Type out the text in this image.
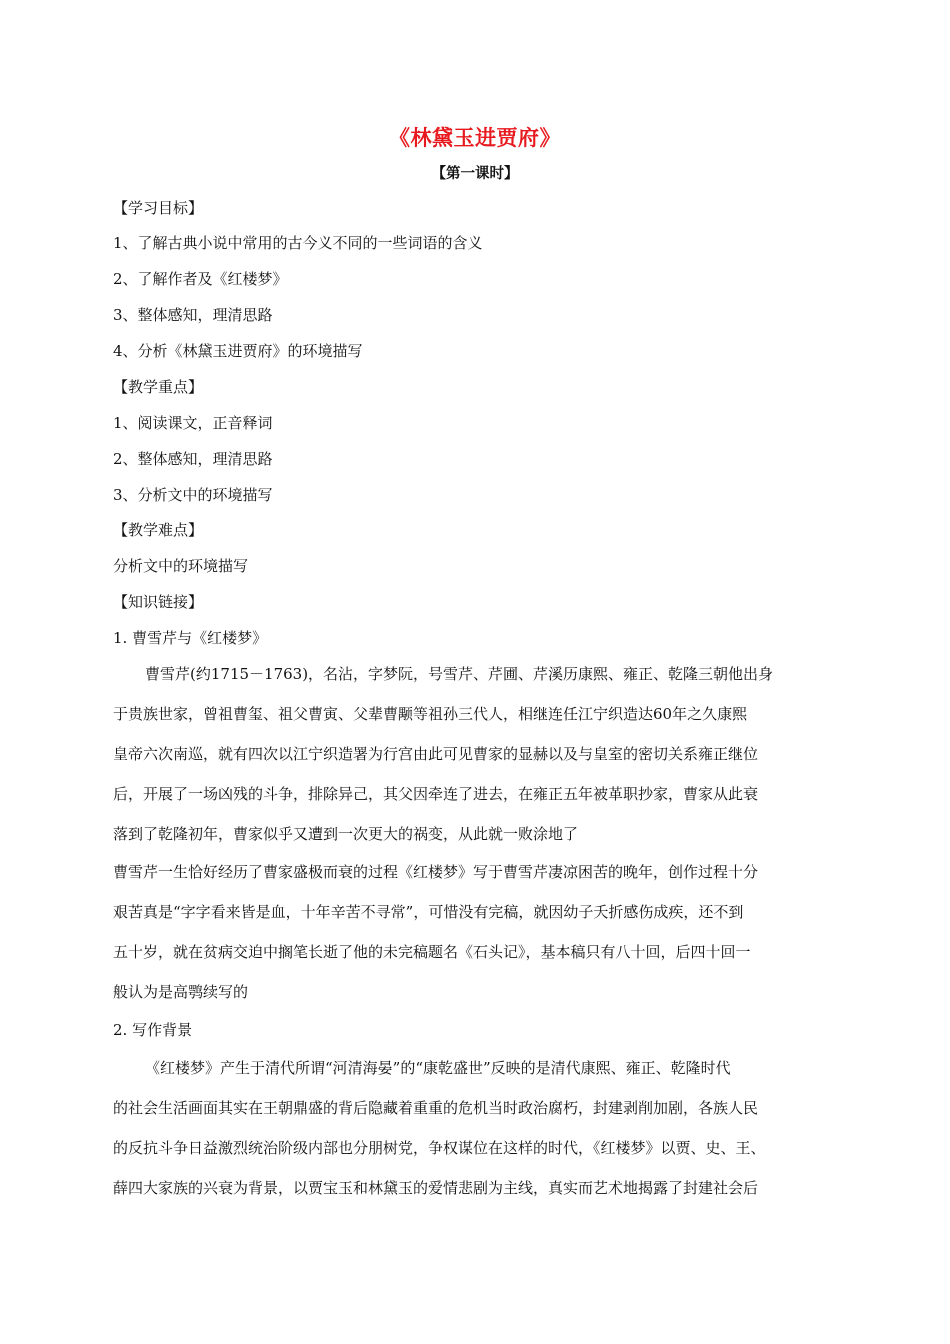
《林黛玉进贾府》
【第一课时】
【学习目标】
1、了解古典小说中常用的古今义不同的一些词语的含义
2、了解作者及《红楼梦》
3、整体感知，理清思路
4、分析《林黛玉进贾府》的环境描写
【教学重点】
1、阅读课文，正音释词
2、整体感知，理清思路
3、分析文中的环境描写
【教学难点】
分析文中的环境描写
【知识链接】
1. 曹雪芹与《红楼梦》
曹雪芹(约1715－1763)，名沾，字梦阮，号雪芹、芹圃、芹溪历康熙、雍正、乾隆三朝他出身
于贵族世家，曾祖曹玺、祖父曹寅、父辈曹颙等祖孙三代人，相继连任江宁织造达60年之久康熙
皇帝六次南巡，就有四次以江宁织造署为行宫由此可见曹家的显赫以及与皇室的密切关系雍正继位
后，开展了一场凶残的斗争，排除异己，其父因牵连了进去，在雍正五年被革职抄家，曹家从此衰
落到了乾隆初年，曹家似乎又遭到一次更大的祸变，从此就一败涂地了
曹雪芹一生恰好经历了曹家盛极而衰的过程《红楼梦》写于曹雪芹凄凉困苦的晚年，创作过程十分
艰苦真是“字字看来皆是血，十年辛苦不寻常”，可惜没有完稿，就因幼子夭折感伤成疾，还不到
五十岁，就在贫病交迫中搁笔长逝了他的未完稿题名《石头记》，基本稿只有八十回，后四十回一
般认为是高鹗续写的
2. 写作背景
《红楼梦》产生于清代所谓“河清海晏”的“康乾盛世”反映的是清代康熙、雍正、乾隆时代
的社会生活画面其实在王朝鼎盛的背后隐藏着重重的危机当时政治腐朽，封建剥削加剧，各族人民
的反抗斗争日益激烈统治阶级内部也分朋树党，争权谋位在这样的时代，《红楼梦》以贾、史、王、
薛四大家族的兴衰为背景，以贾宝玉和林黛玉的爱情悲剧为主线，真实而艺术地揭露了封建社会后
